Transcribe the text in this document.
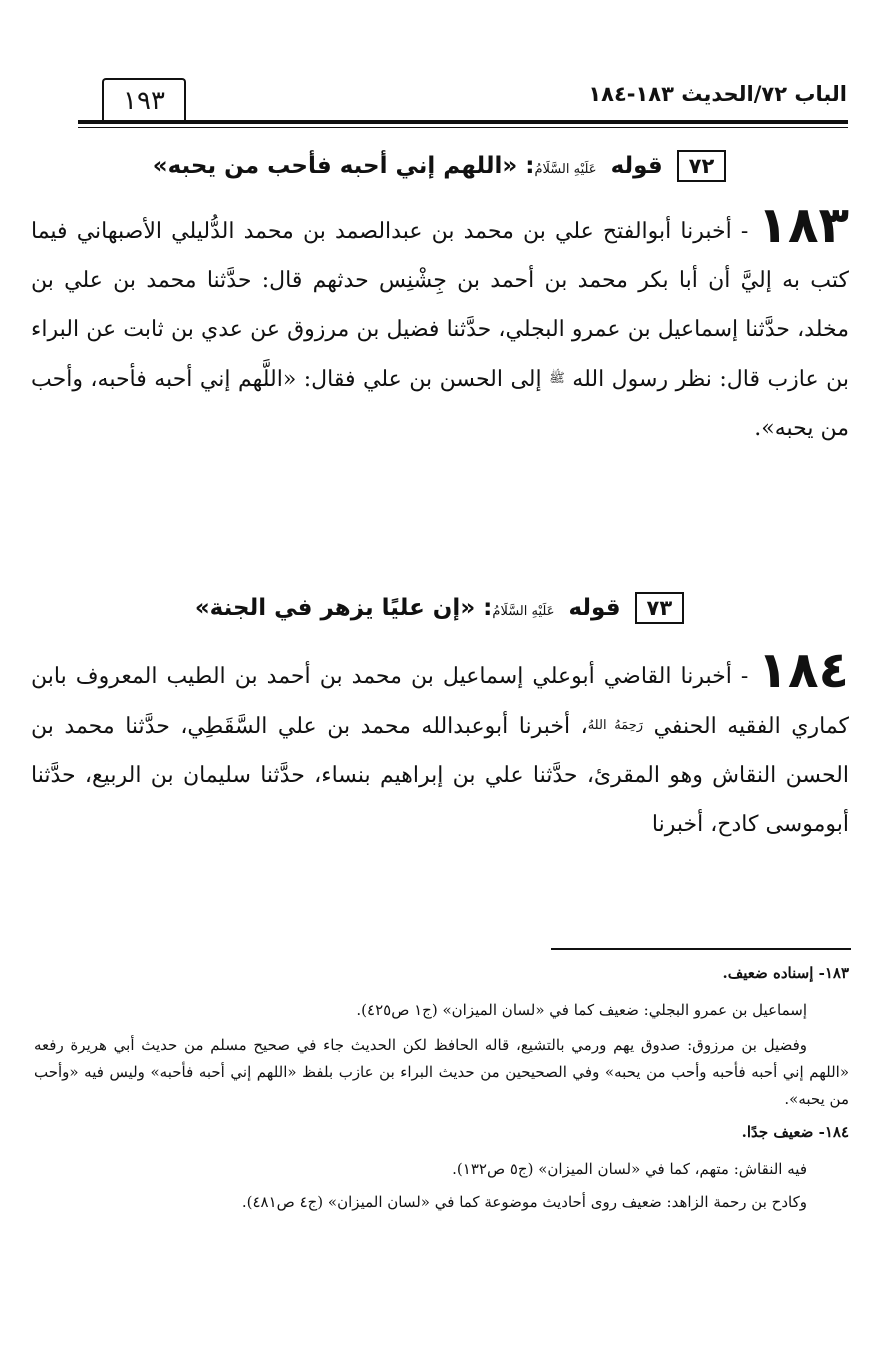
الباب ٧٢/الحديث ١٨٣-١٨٤
١٩٣
٧٢
قوله
عَلَيْهِ السَّلَامُ: «اللهم إني أحبه فأحب من يحبه»
١٨٣ - أخبرنا أبوالفتح علي بن محمد بن عبدالصمد بن محمد الدُّليلي الأصبهاني فيما كتب به إليَّ أن أبا بكر محمد بن أحمد بن جِشْنِس حدثهم قال: حدَّثنا محمد بن علي بن مخلد، حدَّثنا إسماعيل بن عمرو البجلي، حدَّثنا فضيل بن مرزوق عن عدي بن ثابت عن البراء بن عازب قال: نظر رسول الله ﷺ إلى الحسن بن علي فقال: «اللَّهم إني أحبه فأحبه، وأحب من يحبه».
٧٣
قوله
عَلَيْهِ السَّلَامُ: «إن عليًا يزهر في الجنة»
١٨٤ - أخبرنا القاضي أبوعلي إسماعيل بن محمد بن أحمد بن الطيب المعروف بابن كماري الفقيه الحنفي رَحِمَهُ اللهُ، أخبرنا أبوعبدالله محمد بن علي السَّقَطِي، حدَّثنا محمد بن الحسن النقاش وهو المقرئ، حدَّثنا علي بن إبراهيم بنساء، حدَّثنا سليمان بن الربيع، حدَّثنا أبوموسى كادح، أخبرنا
١٨٣- إسناده ضعيف.
إسماعيل بن عمرو البجلي: ضعيف كما في «لسان الميزان» (ج١ ص٤٢٥).
وفضيل بن مرزوق: صدوق يهم ورمي بالتشيع، قاله الحافظ لكن الحديث جاء في صحيح مسلم من حديث أبي هريرة رفعه «اللهم إني أحبه فأحبه وأحب من يحبه» وفي الصحيحين من حديث البراء بن عازب بلفظ «اللهم إني أحبه فأحبه» وليس فيه «وأحب من يحبه».
١٨٤- ضعيف جدًا.
فيه النقاش: متهم، كما في «لسان الميزان» (ج٥ ص١٣٢).
وكادح بن رحمة الزاهد: ضعيف روى أحاديث موضوعة كما في «لسان الميزان» (ج٤ ص٤٨١).
